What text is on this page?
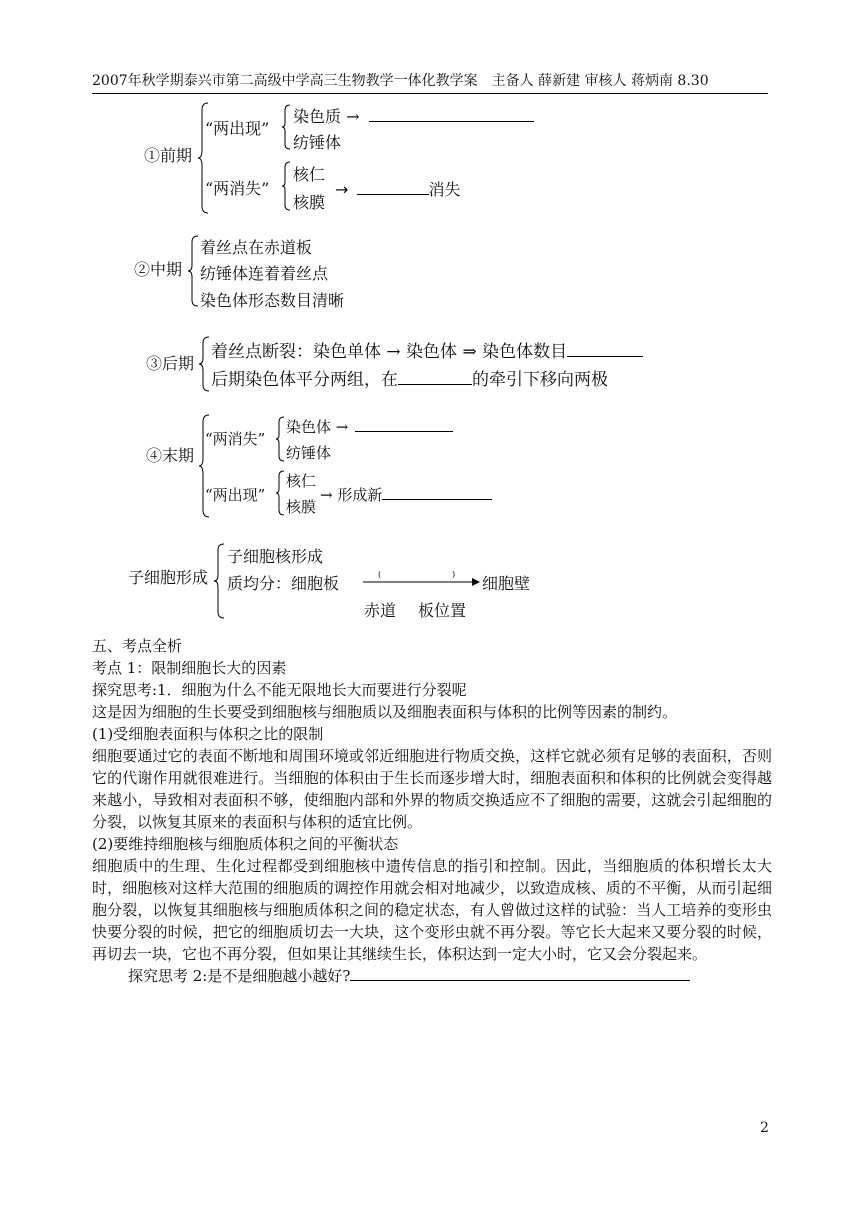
2007年秋学期泰兴市第二高级中学高三生物教学一体化教学案　主备人 薛新建 审核人 蒋炳南 8.30
①前期
“两出现”
染色质 →
纺锤体
“两消失”
核仁
核膜
→	消失
②中期
着丝点在赤道板
纺锤体连着着丝点
染色体形态数目清晰
③后期
着丝点断裂：染色单体 → 染色体 ⇒ 染色体数目
后期染色体平分两组，在	的牵引下移向两极
④末期
“两消失”
染色体 →
纺锤体
“两出现”
核仁
核膜
→ 形成新
子细胞形成
子细胞核形成
质均分：细胞板	(	) 细胞壁
赤道 板位置

五、考点全析

考点 1：限制细胞长大的因素

探究思考:1．细胞为什么不能无限地长大而要进行分裂呢

这是因为细胞的生长要受到细胞核与细胞质以及细胞表面积与体积的比例等因素的制约。

(1)受细胞表面积与体积之比的限制

细胞要通过它的表面不断地和周围环境或邻近细胞进行物质交换，这样它就必须有足够的表面积，否则它的代谢作用就很难进行。当细胞的体积由于生长而逐步增大时，细胞表面积和体积的比例就会变得越来越小，导致相对表面积不够，使细胞内部和外界的物质交换适应不了细胞的需要，这就会引起细胞的分裂，以恢复其原来的表面积与体积的适宜比例。

(2)要维持细胞核与细胞质体积之间的平衡状态

细胞质中的生理、生化过程都受到细胞核中遗传信息的指引和控制。因此，当细胞质的体积增长太大时，细胞核对这样大范围的细胞质的调控作用就会相对地减少，以致造成核、质的不平衡，从而引起细胞分裂，以恢复其细胞核与细胞质体积之间的稳定状态，有人曾做过这样的试验：当人工培养的变形虫快要分裂的时候，把它的细胞质切去一大块，这个变形虫就不再分裂。等它长大起来又要分裂的时候，再切去一块，它也不再分裂，但如果让其继续生长，体积达到一定大小时，它又会分裂起来。

探究思考 2:是不是细胞越小越好?

2
